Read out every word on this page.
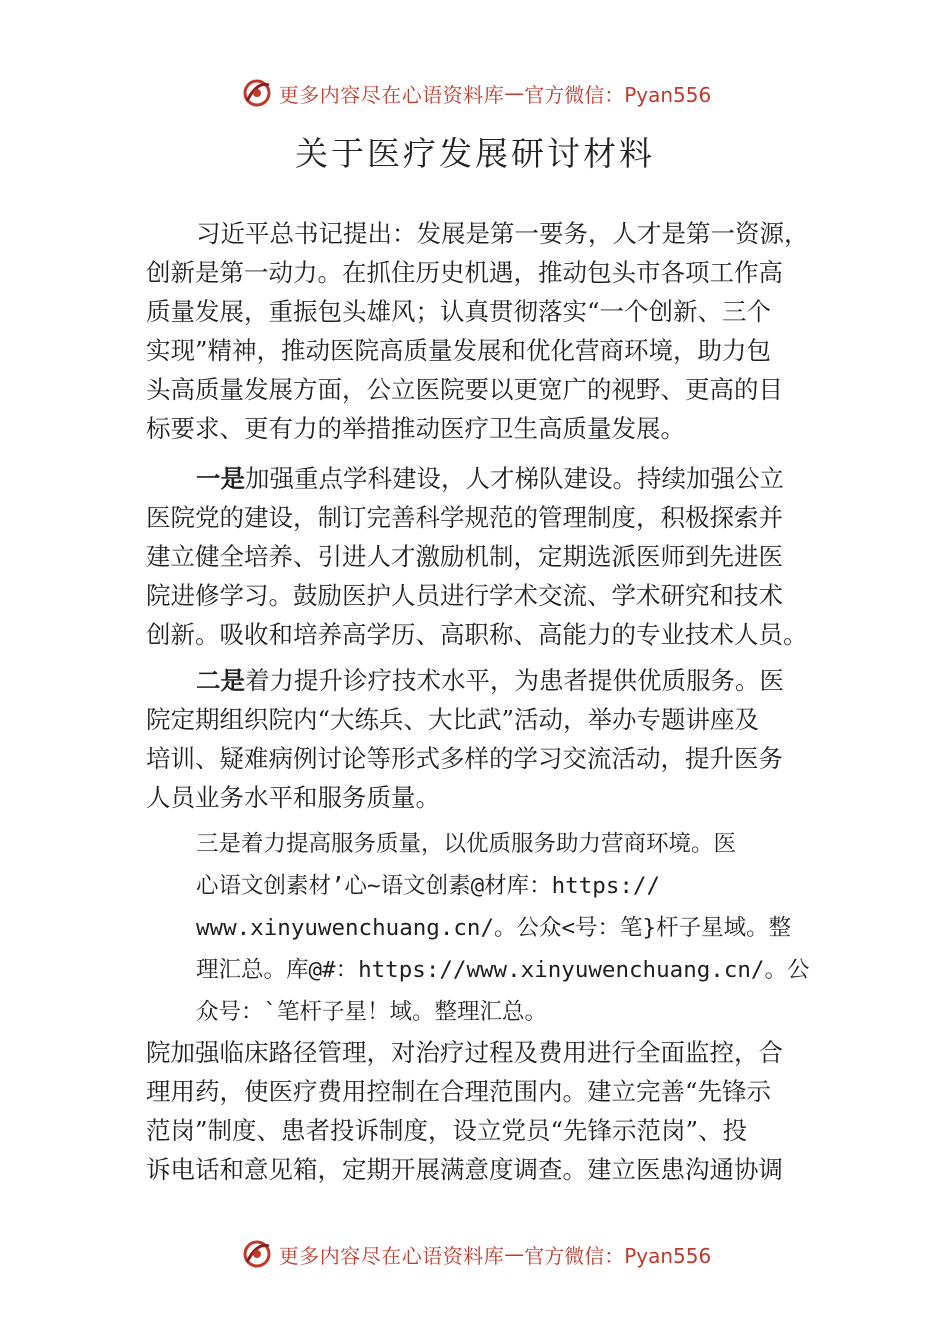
更多内容尽在心语资料库 — 官方微信：Pyan556
关于医疗发展研讨材料
习近平总书记提出：发展是第一要务，人才是第一资源，
创新是第一动力。在抓住历史机遇，推动包头市各项工作高
质量发展，重振包头雄风；认真贯彻落实“一个创新、三个
实现”精神，推动医院高质量发展和优化营商环境，助力包
头高质量发展方面，公立医院要以更宽广的视野、更高的目
标要求、更有力的举措推动医疗卫生高质量发展。
一是加强重点学科建设，人才梯队建设。持续加强公立
医院党的建设，制订完善科学规范的管理制度，积极探索并
建立健全培养、引进人才激励机制，定期选派医师到先进医
院进修学习。鼓励医护人员进行学术交流、学术研究和技术
创新。吸收和培养高学历、高职称、高能力的专业技术人员。
二是着力提升诊疗技术水平，为患者提供优质服务。医
院定期组织院内“大练兵、大比武”活动，举办专题讲座及
培训、疑难病例讨论等形式多样的学习交流活动，提升医务
人员业务水平和服务质量。
三是着力提高服务质量，以优质服务助力营商环境。医
心语文创素材’心~语文创素@材库：https://
www.xinyuwenchuang.cn/。公众<号：笔}杆子星域。整
理汇总。库@#：https://www.xinyuwenchuang.cn/。公
众号：`笔杆子星！域。整理汇总。
院加强临床路径管理，对治疗过程及费用进行全面监控，合
理用药，使医疗费用控制在合理范围内。建立完善“先锋示
范岗”制度、患者投诉制度，设立党员“先锋示范岗”、投
诉电话和意见箱，定期开展满意度调查。建立医患沟通协调
更多内容尽在心语资料库 — 官方微信：Pyan556
